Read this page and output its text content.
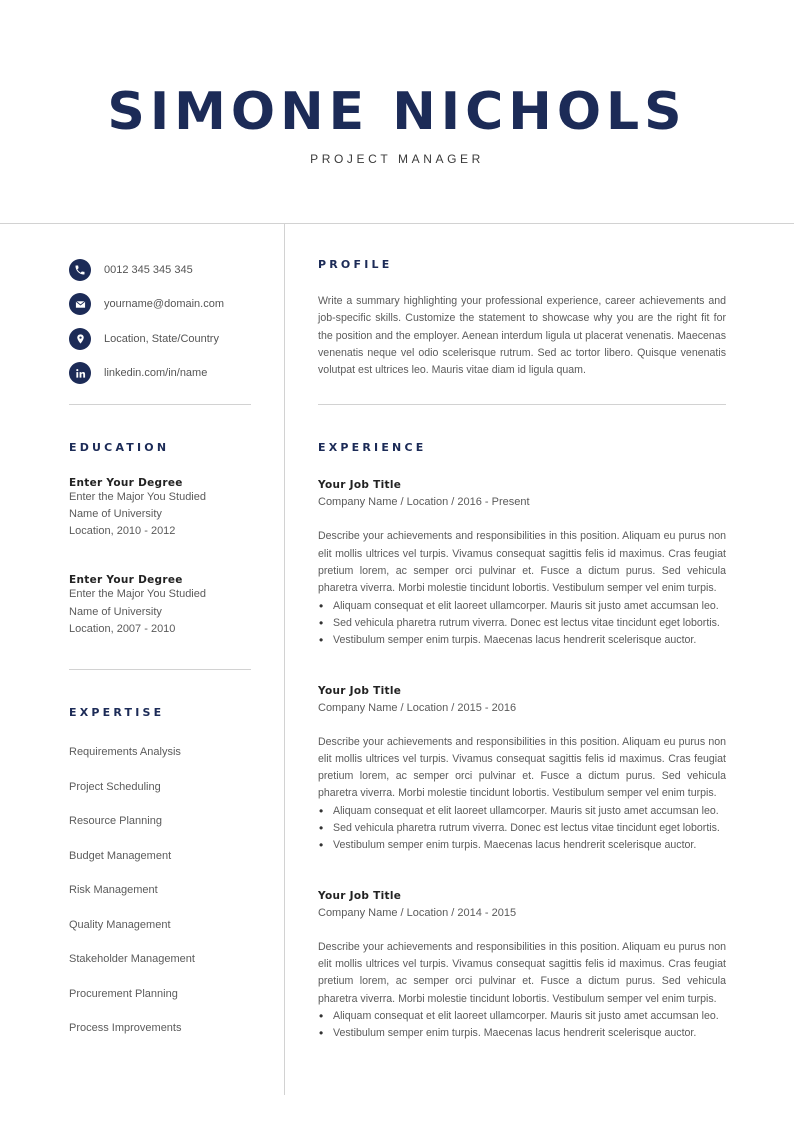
SIMONE NICHOLS
PROJECT MANAGER
0012 345 345 345
yourname@domain.com
Location, State/Country
linkedin.com/in/name
EDUCATION
Enter Your Degree
Enter the Major You Studied
Name of University
Location, 2010 - 2012
Enter Your Degree
Enter the Major You Studied
Name of University
Location, 2007 - 2010
EXPERTISE
Requirements Analysis
Project Scheduling
Resource Planning
Budget Management
Risk Management
Quality Management
Stakeholder Management
Procurement Planning
Process Improvements
PROFILE

Write a summary highlighting your professional experience, career achievements and job-specific skills. Customize the statement to showcase why you are the right fit for the position and the employer. Aenean interdum ligula ut placerat venenatis. Maecenas venenatis neque vel odio scelerisque rutrum. Sed ac tortor libero. Quisque venenatis volutpat est ultrices leo. Mauris vitae diam id ligula quam.

EXPERIENCE
Your Job Title
Company Name / Location / 2016 - Present

Describe your achievements and responsibilities in this position. Aliquam eu purus non elit mollis ultrices vel turpis. Vivamus consequat sagittis felis id maximus. Cras feugiat pretium lorem, ac semper orci pulvinar et. Fusce a dictum purus. Sed vehicula pharetra viverra. Morbi molestie tincidunt lobortis. Vestibulum semper vel enim turpis.

• Aliquam consequat et elit laoreet ullamcorper. Mauris sit justo amet accumsan leo.
• Sed vehicula pharetra rutrum viverra. Donec est lectus vitae tincidunt eget lobortis.
• Vestibulum semper enim turpis. Maecenas lacus hendrerit scelerisque auctor.
Your Job Title
Company Name / Location / 2015 - 2016

Describe your achievements and responsibilities in this position. Aliquam eu purus non elit mollis ultrices vel turpis. Vivamus consequat sagittis felis id maximus. Cras feugiat pretium lorem, ac semper orci pulvinar et. Fusce a dictum purus. Sed vehicula pharetra viverra. Morbi molestie tincidunt lobortis. Vestibulum semper vel enim turpis.

• Aliquam consequat et elit laoreet ullamcorper. Mauris sit justo amet accumsan leo.
• Sed vehicula pharetra rutrum viverra. Donec est lectus vitae tincidunt eget lobortis.
• Vestibulum semper enim turpis. Maecenas lacus hendrerit scelerisque auctor.
Your Job Title
Company Name / Location / 2014 - 2015

Describe your achievements and responsibilities in this position. Aliquam eu purus non elit mollis ultrices vel turpis. Vivamus consequat sagittis felis id maximus. Cras feugiat pretium lorem, ac semper orci pulvinar et. Fusce a dictum purus. Sed vehicula pharetra viverra. Morbi molestie tincidunt lobortis. Vestibulum semper vel enim turpis.

• Aliquam consequat et elit laoreet ullamcorper. Mauris sit justo amet accumsan leo.
• Vestibulum semper enim turpis. Maecenas lacus hendrerit scelerisque auctor.
